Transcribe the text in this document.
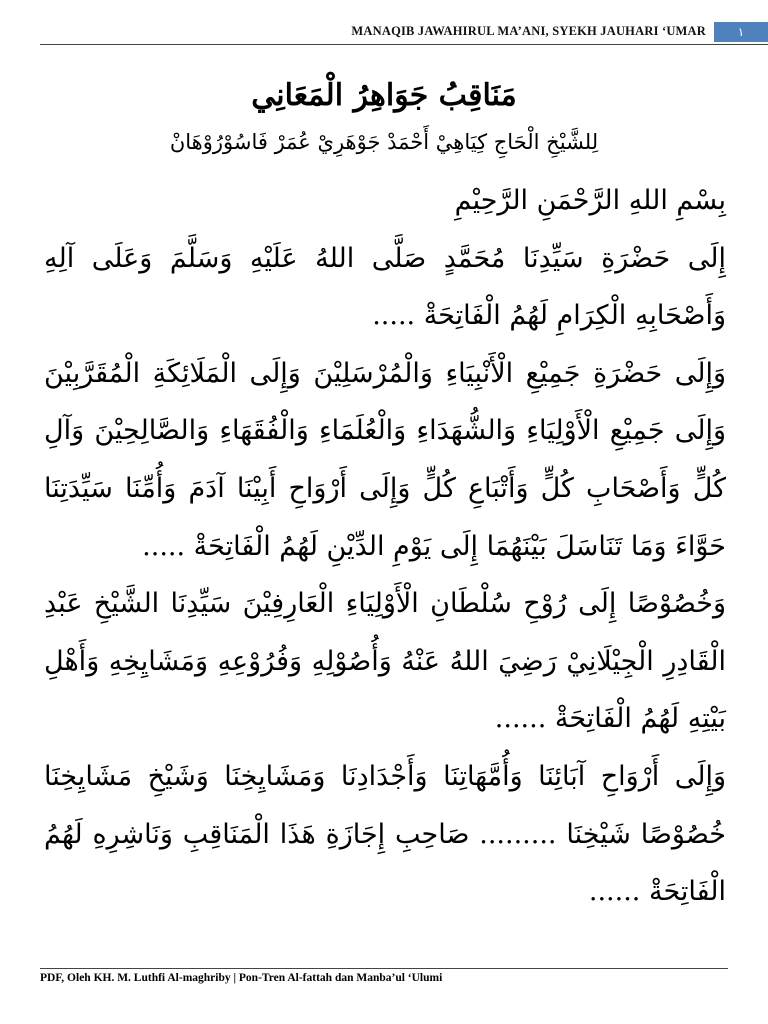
MANAQIB JAWAHIRUL MA’ANI, SYEKH JAUHARI ‘UMAR	١
مَنَاقِبُ جَوَاهِرُ الْمَعَانِي
لِلشَّيْخِ الْحَاجِ كِيَاهِيْ أَحْمَدْ جَوْهَرِيْ عُمَرْ فَاسُوْرُوْهَانْ

بِسْمِ اللهِ الرَّحْمَنِ الرَّحِيْمِ

إِلَى حَضْرَةِ سَيِّدِنَا مُحَمَّدٍ صَلَّى اللهُ عَلَيْهِ وَسَلَّمَ وَعَلَى آلِهِ وَأَصْحَابِهِ الْكِرَامِ لَهُمُ الْفَاتِحَةْ .....

وَإِلَى حَضْرَةِ جَمِيْعِ الْأَنْبِيَاءِ وَالْمُرْسَلِيْنَ وَإِلَى الْمَلَائِكَةِ الْمُقَرَّبِيْنَ وَإِلَى جَمِيْعِ الْأَوْلِيَاءِ وَالشُّهَدَاءِ وَالْعُلَمَاءِ وَالْفُقَهَاءِ وَالصَّالِحِيْنَ وَآلِ كُلٍّ وَأَصْحَابِ كُلٍّ وَأَتْبَاعِ كُلٍّ وَإِلَى أَرْوَاحِ أَبِيْنَا آدَمَ وَأُمِّنَا سَيِّدَتِنَا حَوَّاءَ وَمَا تَنَاسَلَ بَيْنَهُمَا إِلَى يَوْمِ الدِّيْنِ لَهُمُ الْفَاتِحَةْ .....

وَخُصُوْصًا إِلَى رُوْحِ سُلْطَانِ الْأَوْلِيَاءِ الْعَارِفِيْنَ سَيِّدِنَا الشَّيْخِ عَبْدِ الْقَادِرِ الْجِيْلَانِيْ رَضِيَ اللهُ عَنْهُ وَأُصُوْلِهِ وَفُرُوْعِهِ وَمَشَايِخِهِ وَأَهْلِ بَيْتِهِ لَهُمُ الْفَاتِحَةْ ......

وَإِلَى أَرْوَاحِ آبَائِنَا وَأُمَّهَاتِنَا وَأَجْدَادِنَا وَمَشَايِخِنَا وَشَيْخِ مَشَايِخِنَا خُصُوْصًا شَيْخِنَا ......... صَاحِبِ إِجَازَةِ هَذَا الْمَنَاقِبِ وَنَاشِرِهِ لَهُمُ الْفَاتِحَةْ ......

PDF, Oleh KH. M. Luthfi Al-maghriby | Pon-Tren Al-fattah dan Manba’ul ‘Ulumi
